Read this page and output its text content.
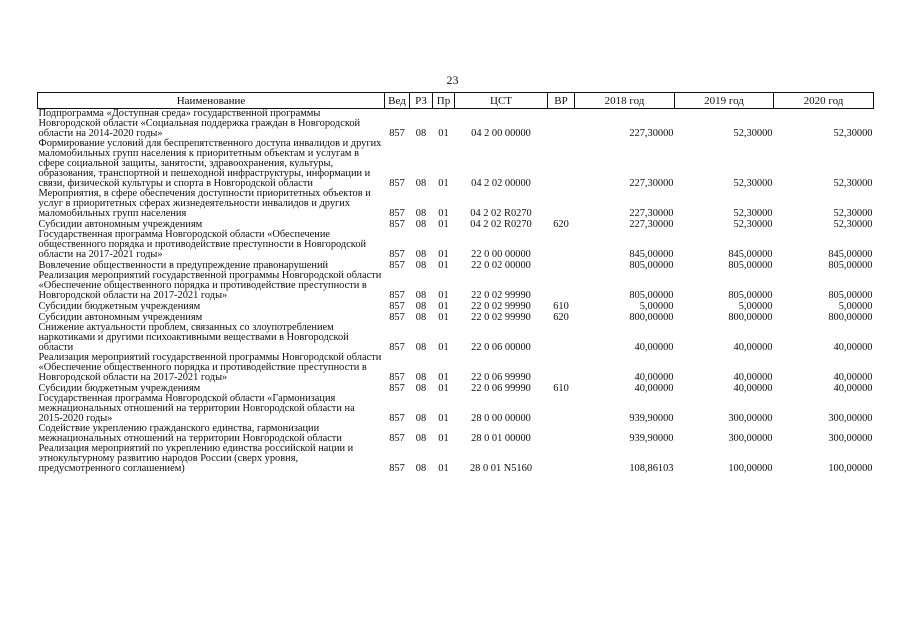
23
Наименование	Вед	РЗ	Пр	ЦСТ	ВР	2018 год	2019 год	2020 год
Подпрограмма «Доступная среда» государственной программы Новгородской области «Социальная поддержка граждан в Новгородской области на 2014-2020 годы»	857	08	01	04 2 00 00000		227,30000	52,30000	52,30000
Формирование условий для беспрепятственного доступа инвалидов и других маломобильных групп населения к приоритетным объектам и услугам в сфере социальной защиты, занятости, здравоохранения, культуры, образования, транспортной и пешеходной инфраструктуры, информации и связи, физической культуры и спорта в Новгородской области	857	08	01	04 2 02 00000		227,30000	52,30000	52,30000
Мероприятия, в сфере обеспечения доступности приоритетных объектов и услуг в приоритетных сферах жизнедеятельности инвалидов и других маломобильных групп населения	857	08	01	04 2 02 R0270		227,30000	52,30000	52,30000
Субсидии автономным учреждениям	857	08	01	04 2 02 R0270	620	227,30000	52,30000	52,30000
Государственная программа Новгородской области «Обеспечение общественного порядка и противодействие преступности в Новгородской области на 2017-2021 годы»	857	08	01	22 0 00 00000		845,00000	845,00000	845,00000
Вовлечение общественности в предупреждение правонарушений	857	08	01	22 0 02 00000		805,00000	805,00000	805,00000
Реализация мероприятий государственной программы Новгородской области «Обеспечение общественного порядка и противодействие преступности в Новгородской области на 2017-2021 годы»	857	08	01	22 0 02 99990		805,00000	805,00000	805,00000
Субсидии бюджетным учреждениям	857	08	01	22 0 02 99990	610	5,00000	5,00000	5,00000
Субсидии автономным учреждениям	857	08	01	22 0 02 99990	620	800,00000	800,00000	800,00000
Снижение актуальности проблем, связанных со злоупотреблением наркотиками и другими психоактивными веществами в Новгородской области	857	08	01	22 0 06 00000		40,00000	40,00000	40,00000
Реализация мероприятий государственной программы Новгородской области «Обеспечение общественного порядка и противодействие преступности в Новгородской области на 2017-2021 годы»	857	08	01	22 0 06 99990		40,00000	40,00000	40,00000
Субсидии бюджетным учреждениям	857	08	01	22 0 06 99990	610	40,00000	40,00000	40,00000
Государственная программа Новгородской области «Гармонизация межнациональных отношений на территории Новгородской области на 2015-2020 годы»	857	08	01	28 0 00 00000		939,90000	300,00000	300,00000
Содействие укреплению гражданского единства, гармонизации межнациональных отношений на территории Новгородской области	857	08	01	28 0 01 00000		939,90000	300,00000	300,00000
Реализация мероприятий по укреплению единства российской нации и этнокультурному развитию народов России (сверх уровня, предусмотренного соглашением)	857	08	01	28 0 01 N5160		108,86103	100,00000	100,00000
